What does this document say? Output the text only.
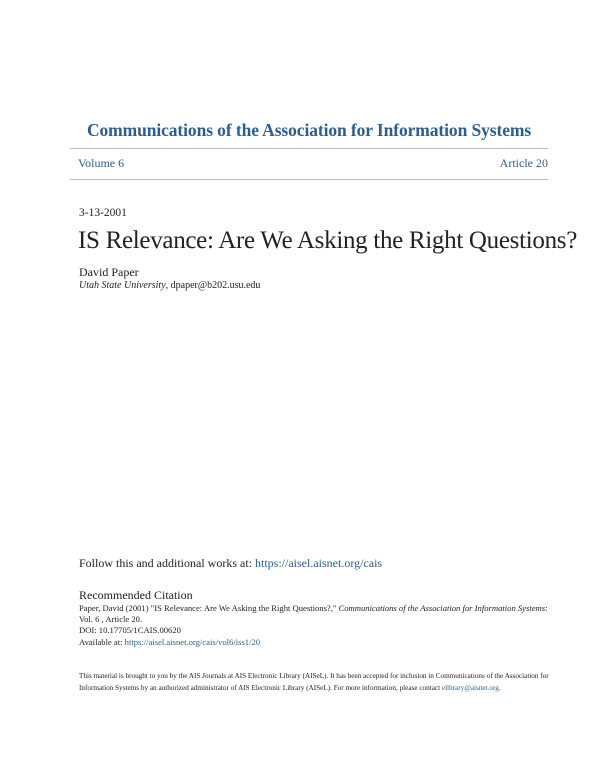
Communications of the Association for Information Systems
Volume 6	Article 20
3-13-2001
IS Relevance: Are We Asking the Right Questions?
David Paper
Utah State University, dpaper@b202.usu.edu
Follow this and additional works at: https://aisel.aisnet.org/cais
Recommended Citation
Paper, David (2001) "IS Relevance: Are We Asking the Right Questions?," Communications of the Association for Information Systems:
Vol. 6 , Article 20.
DOI: 10.17705/1CAIS.00620
Available at: https://aisel.aisnet.org/cais/vol6/iss1/20
This material is brought to you by the AIS Journals at AIS Electronic Library (AISeL). It has been accepted for inclusion in Communications of the Association for Information Systems by an authorized administrator of AIS Electronic Library (AISeL). For more information, please contact elibrary@aisnet.org.
